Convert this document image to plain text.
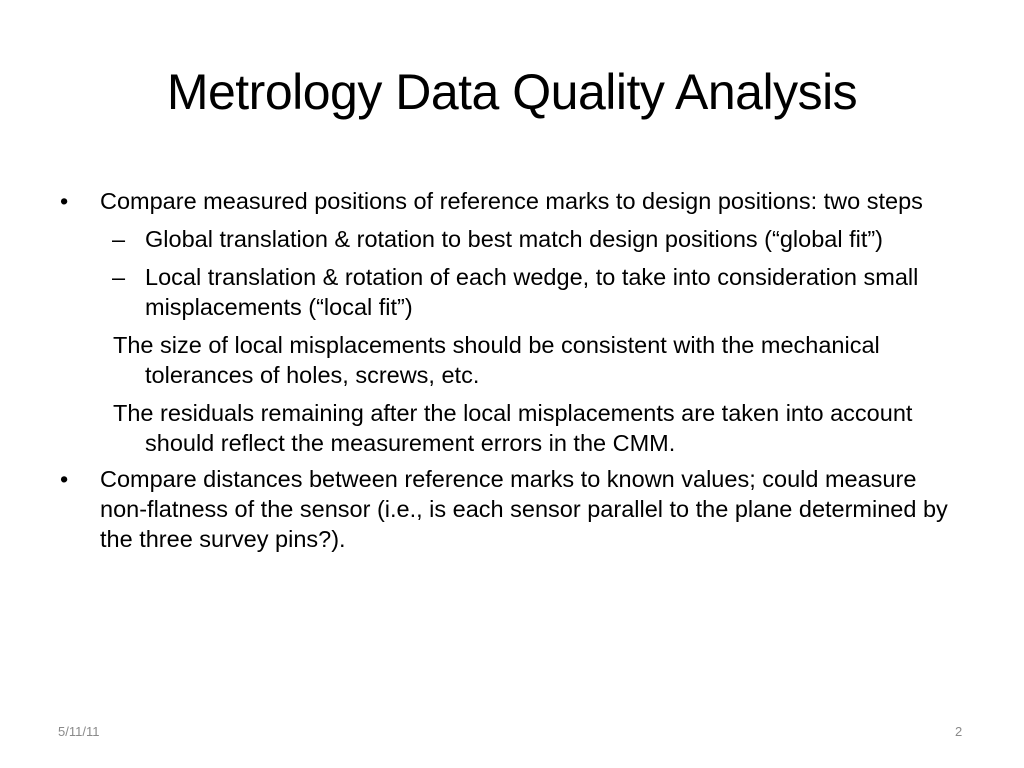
Metrology Data Quality Analysis
• Compare measured positions of reference marks to design positions: two steps
– Global translation & rotation to best match design positions (“global fit”)
– Local translation & rotation of each wedge, to take into consideration small misplacements (“local fit”)
The size of local misplacements should be consistent with the mechanical tolerances of holes, screws, etc.
The residuals remaining after the local misplacements are taken into account should reflect the measurement errors in the CMM.
• Compare distances between reference marks to known values; could measure non-flatness of the sensor (i.e., is each sensor parallel to the plane determined by the three survey pins?).
5/11/11	2
